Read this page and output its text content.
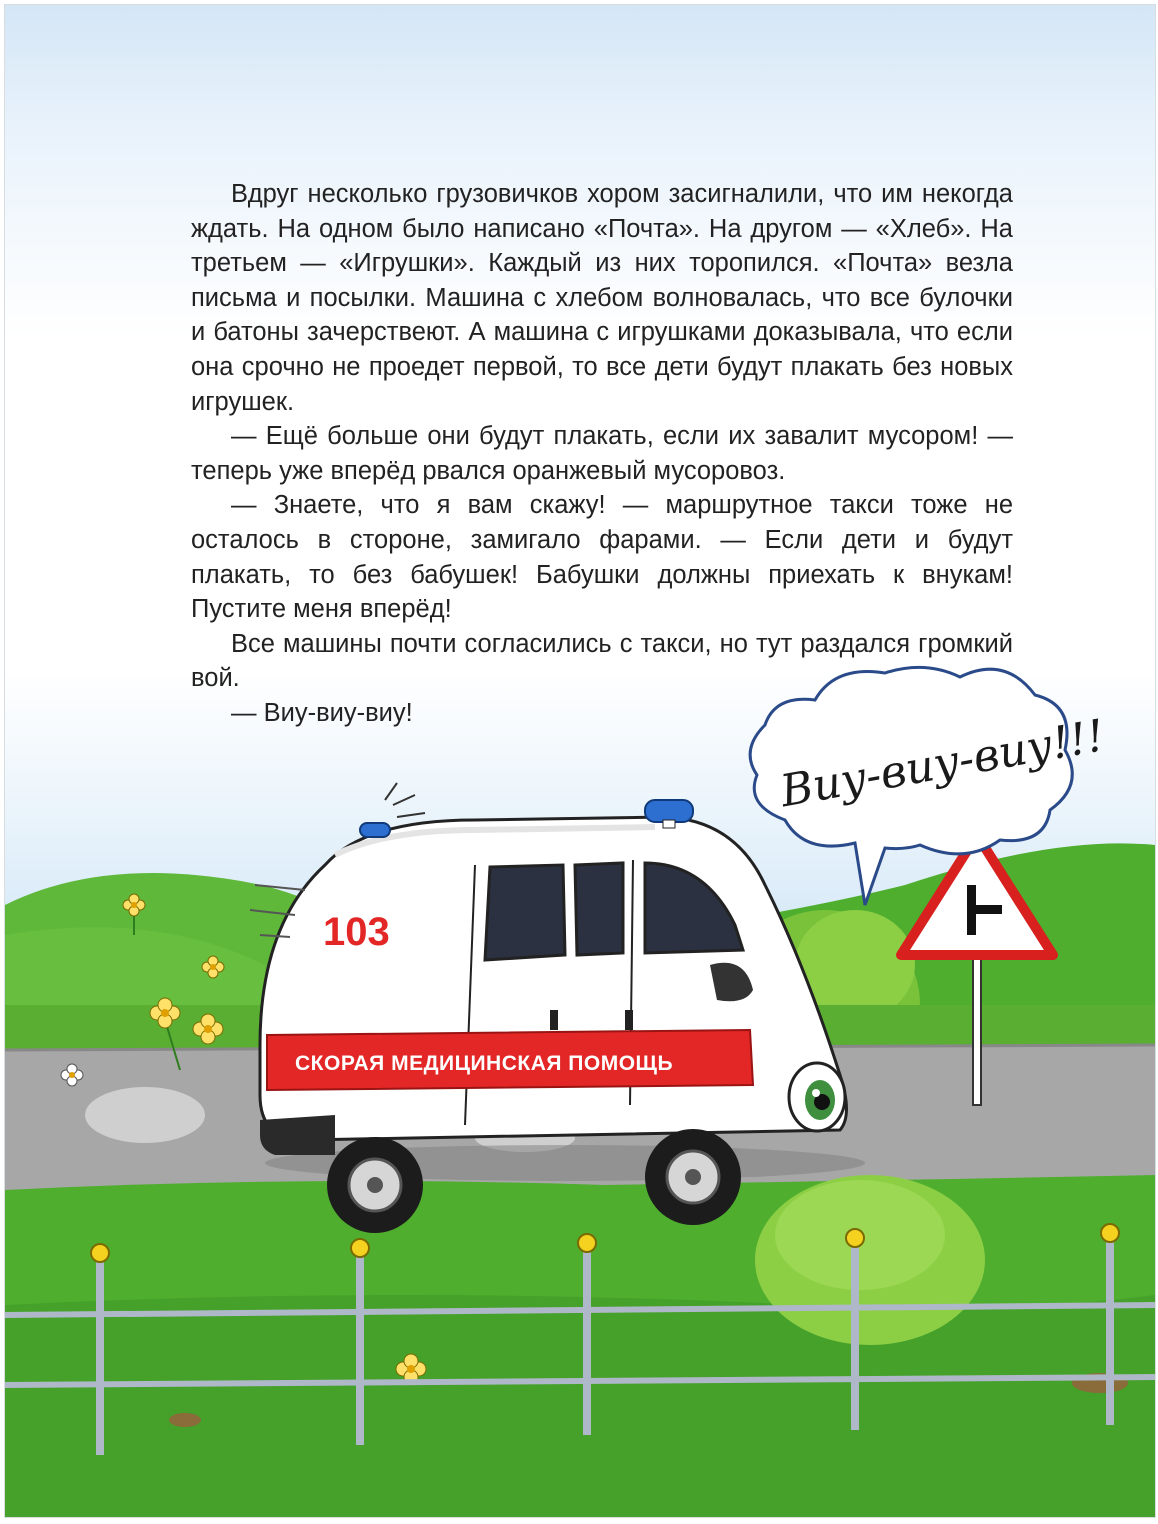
Вдруг несколько грузовичков хором засигналили, что им некогда ждать. На одном было написано «Почта». На другом — «Хлеб». На третьем — «Игрушки». Каждый из них торопился. «Почта» везла письма и посылки. Машина с хлебом волновалась, что все булочки и батоны зачерствеют. А машина с игрушками доказывала, что если она срочно не проедет первой, то все дети будут плакать без новых игрушек.

— Ещё больше они будут плакать, если их завалит мусором! — теперь уже вперёд рвался оранжевый мусоровоз.

— Знаете, что я вам скажу! — маршрутное такси тоже не осталось в стороне, замигало фарами. — Если дети и будут плакать, то без бабушек! Бабушки должны приехать к внукам! Пустите меня вперёд!

Все машины почти согласились с такси, но тут раздался громкий вой.

— Виу-виу-виу!	Виу-виу-виу!!!
СКОРАЯ МЕДИЦИНСКАЯ ПОМОЩЬ
103
